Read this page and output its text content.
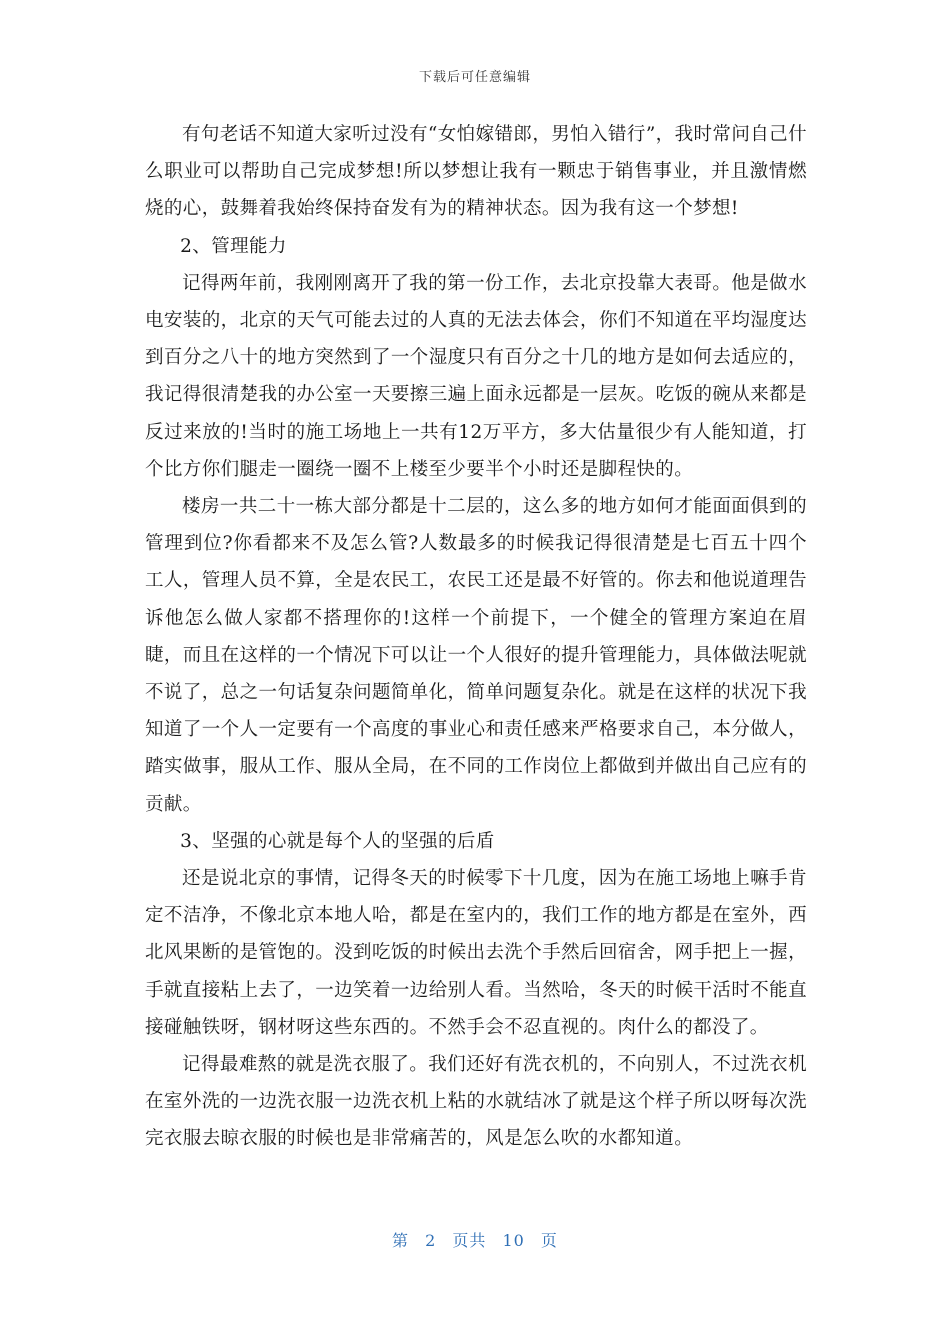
下载后可任意编辑

有句老话不知道大家听过没有“女怕嫁错郎，男怕入错行”，我时常问自己什么职业可以帮助自己完成梦想!所以梦想让我有一颗忠于销售事业，并且激情燃烧的心，鼓舞着我始终保持奋发有为的精神状态。因为我有这一个梦想!

2、管理能力

记得两年前，我刚刚离开了我的第一份工作，去北京投靠大表哥。他是做水电安装的，北京的天气可能去过的人真的无法去体会，你们不知道在平均湿度达到百分之八十的地方突然到了一个湿度只有百分之十几的地方是如何去适应的，我记得很清楚我的办公室一天要擦三遍上面永远都是一层灰。吃饭的碗从来都是反过来放的!当时的施工场地上一共有12万平方，多大估量很少有人能知道，打个比方你们腿走一圈绕一圈不上楼至少要半个小时还是脚程快的。

楼房一共二十一栋大部分都是十二层的，这么多的地方如何才能面面俱到的管理到位?你看都来不及怎么管?人数最多的时候我记得很清楚是七百五十四个工人，管理人员不算，全是农民工，农民工还是最不好管的。你去和他说道理告诉他怎么做人家都不搭理你的!这样一个前提下，一个健全的管理方案迫在眉睫，而且在这样的一个情况下可以让一个人很好的提升管理能力，具体做法呢就不说了，总之一句话复杂问题简单化，简单问题复杂化。就是在这样的状况下我知道了一个人一定要有一个高度的事业心和责任感来严格要求自己，本分做人，踏实做事，服从工作、服从全局，在不同的工作岗位上都做到并做出自己应有的贡献。

3、坚强的心就是每个人的坚强的后盾

还是说北京的事情，记得冬天的时候零下十几度，因为在施工场地上嘛手肯定不洁净，不像北京本地人哈，都是在室内的，我们工作的地方都是在室外，西北风果断的是管饱的。没到吃饭的时候出去洗个手然后回宿舍，网手把上一握，手就直接粘上去了，一边笑着一边给别人看。当然哈，冬天的时候干活时不能直接碰触铁呀，钢材呀这些东西的。不然手会不忍直视的。肉什么的都没了。

记得最难熬的就是洗衣服了。我们还好有洗衣机的，不向别人，不过洗衣机在室外洗的一边洗衣服一边洗衣机上粘的水就结冰了就是这个样子所以呀每次洗完衣服去晾衣服的时候也是非常痛苦的，风是怎么吹的水都知道。

第 2 页共 10 页
